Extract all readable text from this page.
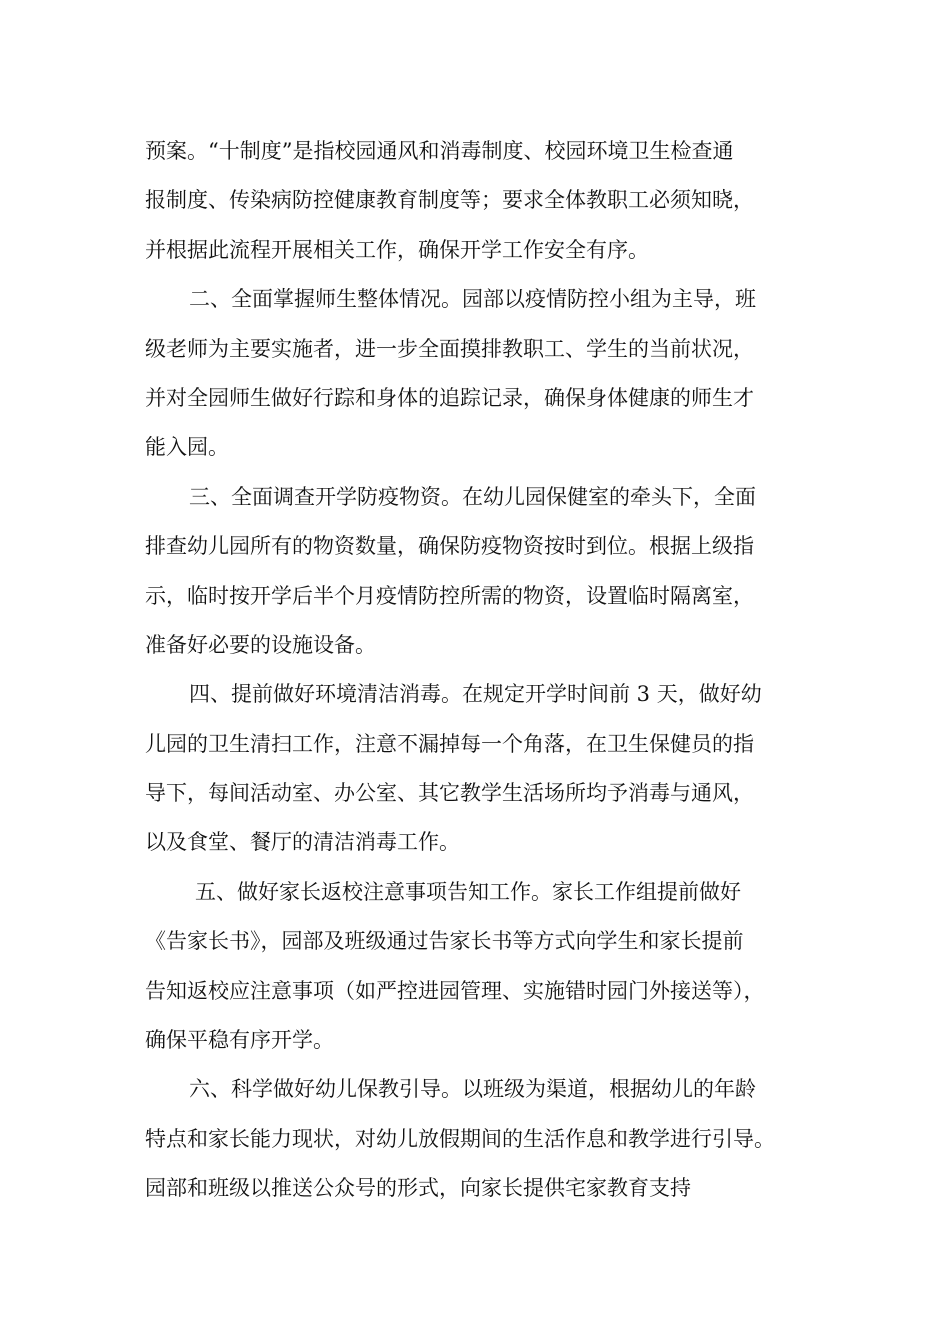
预案。“十制度”是指校园通风和消毒制度、校园环境卫生检查通
报制度、传染病防控健康教育制度等；要求全体教职工必须知晓，
并根据此流程开展相关工作，确保开学工作安全有序。
二、全面掌握师生整体情况。园部以疫情防控小组为主导，班
级老师为主要实施者，进一步全面摸排教职工、学生的当前状况，
并对全园师生做好行踪和身体的追踪记录，确保身体健康的师生才
能入园。
三、全面调查开学防疫物资。在幼儿园保健室的牵头下，全面
排查幼儿园所有的物资数量，确保防疫物资按时到位。根据上级指
示，临时按开学后半个月疫情防控所需的物资，设置临时隔离室，
准备好必要的设施设备。
四、提前做好环境清洁消毒。在规定开学时间前 3 天，做好幼
儿园的卫生清扫工作，注意不漏掉每一个角落，在卫生保健员的指
导下，每间活动室、办公室、其它教学生活场所均予消毒与通风，
以及食堂、餐厅的清洁消毒工作。
五、做好家长返校注意事项告知工作。家长工作组提前做好
《告家长书》，园部及班级通过告家长书等方式向学生和家长提前
告知返校应注意事项（如严控进园管理、实施错时园门外接送等），
确保平稳有序开学。
六、科学做好幼儿保教引导。以班级为渠道，根据幼儿的年龄
特点和家长能力现状，对幼儿放假期间的生活作息和教学进行引导。
园部和班级以推送公众号的形式，向家长提供宅家教育支持
